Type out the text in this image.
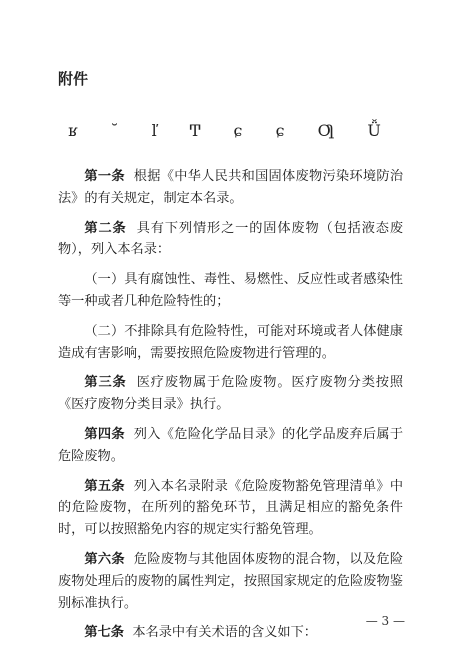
附件
ʁ ˘ ľ Ͳ ɕ ɕ Ƣ Ǚ

第一条 根据《中华人民共和国固体废物污染环境防治法》的有关规定，制定本名录。

第二条 具有下列情形之一的固体废物（包括液态废物），列入本名录：

（一）具有腐蚀性、毒性、易燃性、反应性或者感染性等一种或者几种危险特性的；

（二）不排除具有危险特性，可能对环境或者人体健康造成有害影响，需要按照危险废物进行管理的。

第三条 医疗废物属于危险废物。医疗废物分类按照《医疗废物分类目录》执行。

第四条 列入《危险化学品目录》的化学品废弃后属于危险废物。

第五条 列入本名录附录《危险废物豁免管理清单》中的危险废物，在所列的豁免环节，且满足相应的豁免条件时，可以按照豁免内容的规定实行豁免管理。

第六条 危险废物与其他固体废物的混合物，以及危险废物处理后的废物的属性判定，按照国家规定的危险废物鉴别标准执行。

第七条 本名录中有关术语的含义如下：

— 3 —
